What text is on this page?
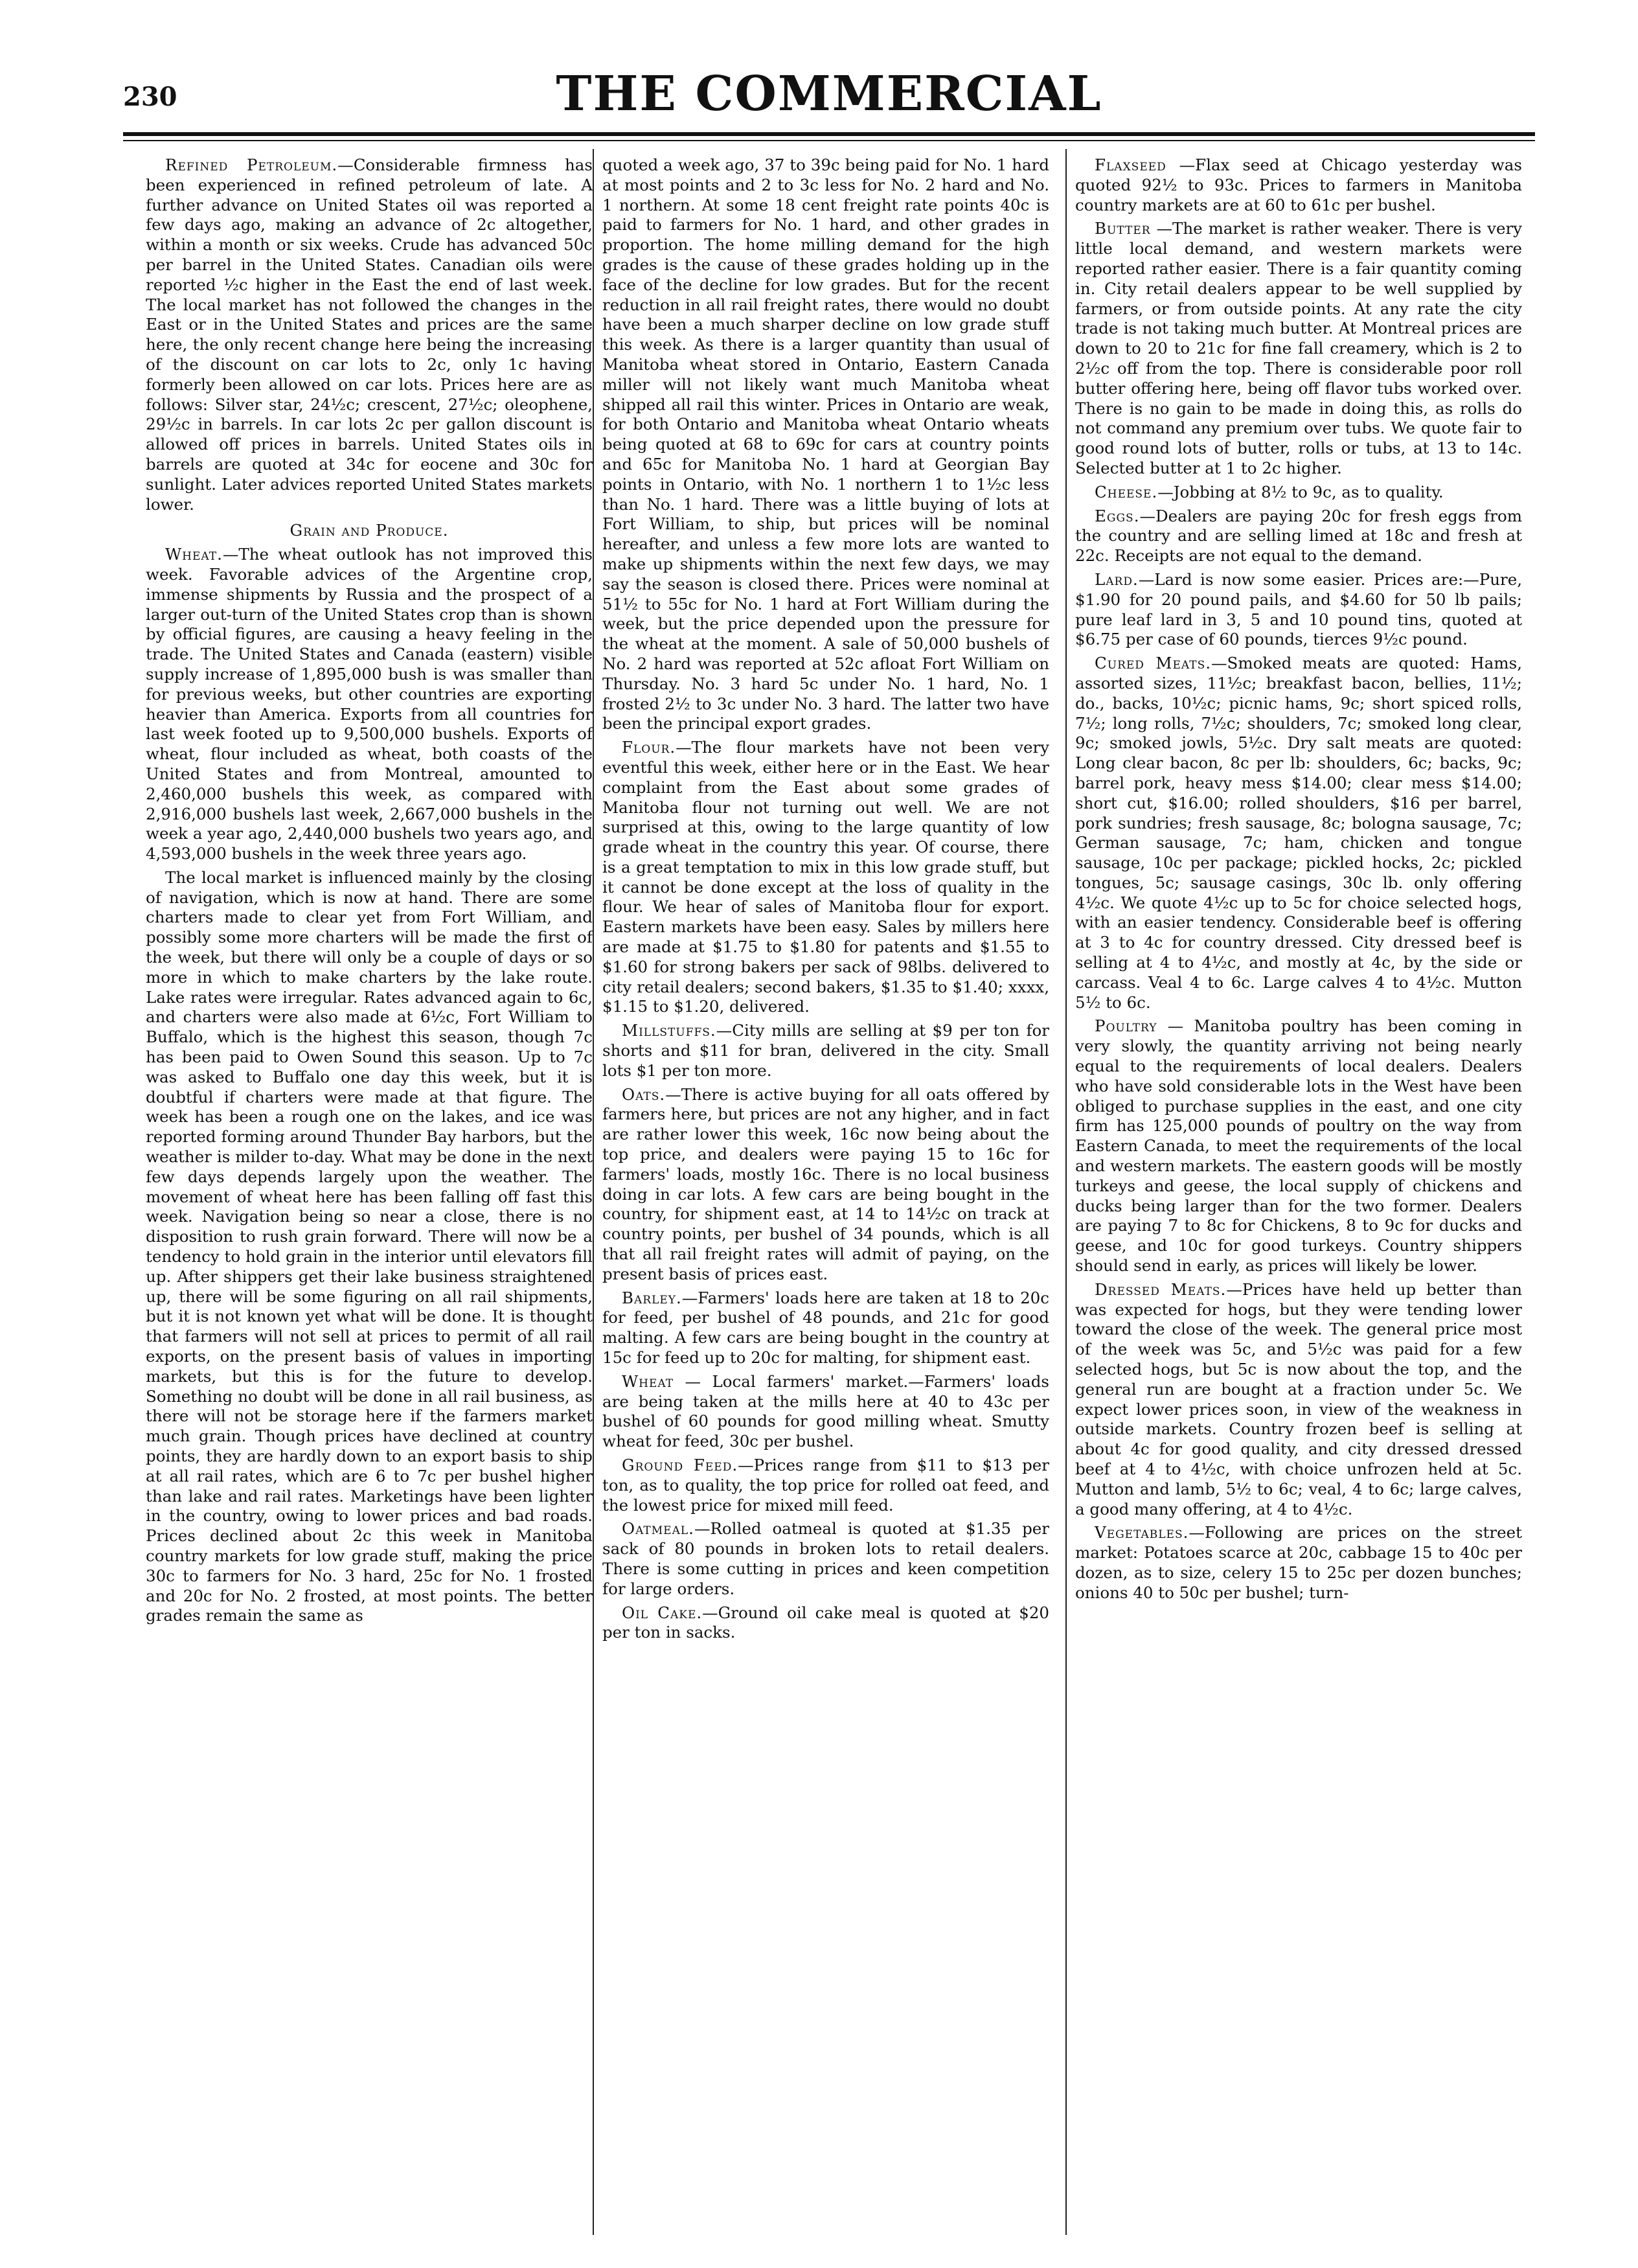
230	THE COMMERCIAL

Refined Petroleum.—Considerable firmness has been experienced in refined petroleum of late. A further advance on United States oil was reported a few days ago, making an advance of 2c altogether, within a month or six weeks. Crude has advanced 50c per barrel in the United States. Canadian oils were reported ½c higher in the East the end of last week. The local market has not followed the changes in the East or in the United States and prices are the same here, the only recent change here being the increasing of the discount on car lots to 2c, only 1c having formerly been allowed on car lots. Prices here are as follows: Silver star, 24½c; crescent, 27½c; oleophene, 29½c in barrels. In car lots 2c per gallon discount is allowed off prices in barrels. United States oils in barrels are quoted at 34c for eocene and 30c for sunlight. Later advices reported United States markets lower.

Grain and Produce.

Wheat.—The wheat outlook has not improved this week. Favorable advices of the Argentine crop, immense shipments by Russia and the prospect of a larger out-turn of the United States crop than is shown by official figures, are causing a heavy feeling in the trade. The United States and Canada (eastern) visible supply increase of 1,895,000 bush is was smaller than for previous weeks, but other countries are exporting heavier than America. Exports from all countries for last week footed up to 9,500,000 bushels. Exports of wheat, flour included as wheat, both coasts of the United States and from Montreal, amounted to 2,460,000 bushels this week, as compared with 2,916,000 bushels last week, 2,667,000 bushels in the week a year ago, 2,440,000 bushels two years ago, and 4,593,000 bushels in the week three years ago.

The local market is influenced mainly by the closing of navigation, which is now at hand. There are some charters made to clear yet from Fort William, and possibly some more charters will be made the first of the week, but there will only be a couple of days or so more in which to make charters by the lake route. Lake rates were irregular. Rates advanced again to 6c, and charters were also made at 6½c, Fort William to Buffalo, which is the highest this season, though 7c has been paid to Owen Sound this season. Up to 7c was asked to Buffalo one day this week, but it is doubtful if charters were made at that figure. The week has been a rough one on the lakes, and ice was reported forming around Thunder Bay harbors, but the weather is milder to-day. What may be done in the next few days depends largely upon the weather. The movement of wheat here has been falling off fast this week. Navigation being so near a close, there is no disposition to rush grain forward. There will now be a tendency to hold grain in the interior until elevators fill up. After shippers get their lake business straightened up, there will be some figuring on all rail shipments, but it is not known yet what will be done. It is thought that farmers will not sell at prices to permit of all rail exports, on the present basis of values in importing markets, but this is for the future to develop. Something no doubt will be done in all rail business, as there will not be storage here if the farmers market much grain. Though prices have declined at country points, they are hardly down to an export basis to ship at all rail rates, which are 6 to 7c per bushel higher than lake and rail rates. Marketings have been lighter in the country, owing to lower prices and bad roads. Prices declined about 2c this week in Manitoba country markets for low grade stuff, making the price 30c to farmers for No. 3 hard, 25c for No. 1 frosted and 20c for No. 2 frosted, at most points. The better grades remain the same as

quoted a week ago, 37 to 39c being paid for No. 1 hard at most points and 2 to 3c less for No. 2 hard and No. 1 northern. At some 18 cent freight rate points 40c is paid to farmers for No. 1 hard, and other grades in proportion. The home milling demand for the high grades is the cause of these grades holding up in the face of the decline for low grades. But for the recent reduction in all rail freight rates, there would no doubt have been a much sharper decline on low grade stuff this week. As there is a larger quantity than usual of Manitoba wheat stored in Ontario, Eastern Canada miller will not likely want much Manitoba wheat shipped all rail this winter. Prices in Ontario are weak, for both Ontario and Manitoba wheat Ontario wheats being quoted at 68 to 69c for cars at country points and 65c for Manitoba No. 1 hard at Georgian Bay points in Ontario, with No. 1 northern 1 to 1½c less than No. 1 hard. There was a little buying of lots at Fort William, to ship, but prices will be nominal hereafter, and unless a few more lots are wanted to make up shipments within the next few days, we may say the season is closed there. Prices were nominal at 51½ to 55c for No. 1 hard at Fort William during the week, but the price depended upon the pressure for the wheat at the moment. A sale of 50,000 bushels of No. 2 hard was reported at 52c afloat Fort William on Thursday. No. 3 hard 5c under No. 1 hard, No. 1 frosted 2½ to 3c under No. 3 hard. The latter two have been the principal export grades.

Flour.—The flour markets have not been very eventful this week, either here or in the East. We hear complaint from the East about some grades of Manitoba flour not turning out well. We are not surprised at this, owing to the large quantity of low grade wheat in the country this year. Of course, there is a great temptation to mix in this low grade stuff, but it cannot be done except at the loss of quality in the flour. We hear of sales of Manitoba flour for export. Eastern markets have been easy. Sales by millers here are made at $1.75 to $1.80 for patents and $1.55 to $1.60 for strong bakers per sack of 98lbs. delivered to city retail dealers; second bakers, $1.35 to $1.40; xxxx, $1.15 to $1.20, delivered.

Millstuffs.—City mills are selling at $9 per ton for shorts and $11 for bran, delivered in the city. Small lots $1 per ton more.

Oats.—There is active buying for all oats offered by farmers here, but prices are not any higher, and in fact are rather lower this week, 16c now being about the top price, and dealers were paying 15 to 16c for farmers' loads, mostly 16c. There is no local business doing in car lots. A few cars are being bought in the country, for shipment east, at 14 to 14½c on track at country points, per bushel of 34 pounds, which is all that all rail freight rates will admit of paying, on the present basis of prices east.

Barley.—Farmers' loads here are taken at 18 to 20c for feed, per bushel of 48 pounds, and 21c for good malting. A few cars are being bought in the country at 15c for feed up to 20c for malting, for shipment east.

Wheat — Local farmers' market.—Farmers' loads are being taken at the mills here at 40 to 43c per bushel of 60 pounds for good milling wheat. Smutty wheat for feed, 30c per bushel.

Ground Feed.—Prices range from $11 to $13 per ton, as to quality, the top price for rolled oat feed, and the lowest price for mixed mill feed.

Oatmeal.—Rolled oatmeal is quoted at $1.35 per sack of 80 pounds in broken lots to retail dealers. There is some cutting in prices and keen competition for large orders.

Oil Cake.—Ground oil cake meal is quoted at $20 per ton in sacks.

Flaxseed —Flax seed at Chicago yesterday was quoted 92½ to 93c. Prices to farmers in Manitoba country markets are at 60 to 61c per bushel.

Butter —The market is rather weaker. There is very little local demand, and western markets were reported rather easier. There is a fair quantity coming in. City retail dealers appear to be well supplied by farmers, or from outside points. At any rate the city trade is not taking much butter. At Montreal prices are down to 20 to 21c for fine fall creamery, which is 2 to 2½c off from the top. There is considerable poor roll butter offering here, being off flavor tubs worked over. There is no gain to be made in doing this, as rolls do not command any premium over tubs. We quote fair to good round lots of butter, rolls or tubs, at 13 to 14c. Selected butter at 1 to 2c higher.

Cheese.—Jobbing at 8½ to 9c, as to quality.

Eggs.—Dealers are paying 20c for fresh eggs from the country and are selling limed at 18c and fresh at 22c. Receipts are not equal to the demand.

Lard.—Lard is now some easier. Prices are:—Pure, $1.90 for 20 pound pails, and $4.60 for 50 lb pails; pure leaf lard in 3, 5 and 10 pound tins, quoted at $6.75 per case of 60 pounds, tierces 9½c pound.

Cured Meats.—Smoked meats are quoted: Hams, assorted sizes, 11½c; breakfast bacon, bellies, 11½; do., backs, 10½c; picnic hams, 9c; short spiced rolls, 7½; long rolls, 7½c; shoulders, 7c; smoked long clear, 9c; smoked jowls, 5½c. Dry salt meats are quoted: Long clear bacon, 8c per lb: shoulders, 6c; backs, 9c; barrel pork, heavy mess $14.00; clear mess $14.00; short cut, $16.00; rolled shoulders, $16 per barrel, pork sundries; fresh sausage, 8c; bologna sausage, 7c; German sausage, 7c; ham, chicken and tongue sausage, 10c per package; pickled hocks, 2c; pickled tongues, 5c; sausage casings, 30c lb. only offering 4½c. We quote 4½c up to 5c for choice selected hogs, with an easier tendency. Considerable beef is offering at 3 to 4c for country dressed. City dressed beef is selling at 4 to 4½c, and mostly at 4c, by the side or carcass. Veal 4 to 6c. Large calves 4 to 4½c. Mutton 5½ to 6c.

Poultry — Manitoba poultry has been coming in very slowly, the quantity arriving not being nearly equal to the requirements of local dealers. Dealers who have sold considerable lots in the West have been obliged to purchase supplies in the east, and one city firm has 125,000 pounds of poultry on the way from Eastern Canada, to meet the requirements of the local and western markets. The eastern goods will be mostly turkeys and geese, the local supply of chickens and ducks being larger than for the two former. Dealers are paying 7 to 8c for Chickens, 8 to 9c for ducks and geese, and 10c for good turkeys. Country shippers should send in early, as prices will likely be lower.

Dressed Meats.—Prices have held up better than was expected for hogs, but they were tending lower toward the close of the week. The general price most of the week was 5c, and 5½c was paid for a few selected hogs, but 5c is now about the top, and the general run are bought at a fraction under 5c. We expect lower prices soon, in view of the weakness in outside markets. Country frozen beef is selling at about 4c for good quality, and city dressed dressed beef at 4 to 4½c, with choice unfrozen held at 5c. Mutton and lamb, 5½ to 6c; veal, 4 to 6c; large calves, a good many offering, at 4 to 4½c.

Vegetables.—Following are prices on the street market: Potatoes scarce at 20c, cabbage 15 to 40c per dozen, as to size, celery 15 to 25c per dozen bunches; onions 40 to 50c per bushel; turn-
